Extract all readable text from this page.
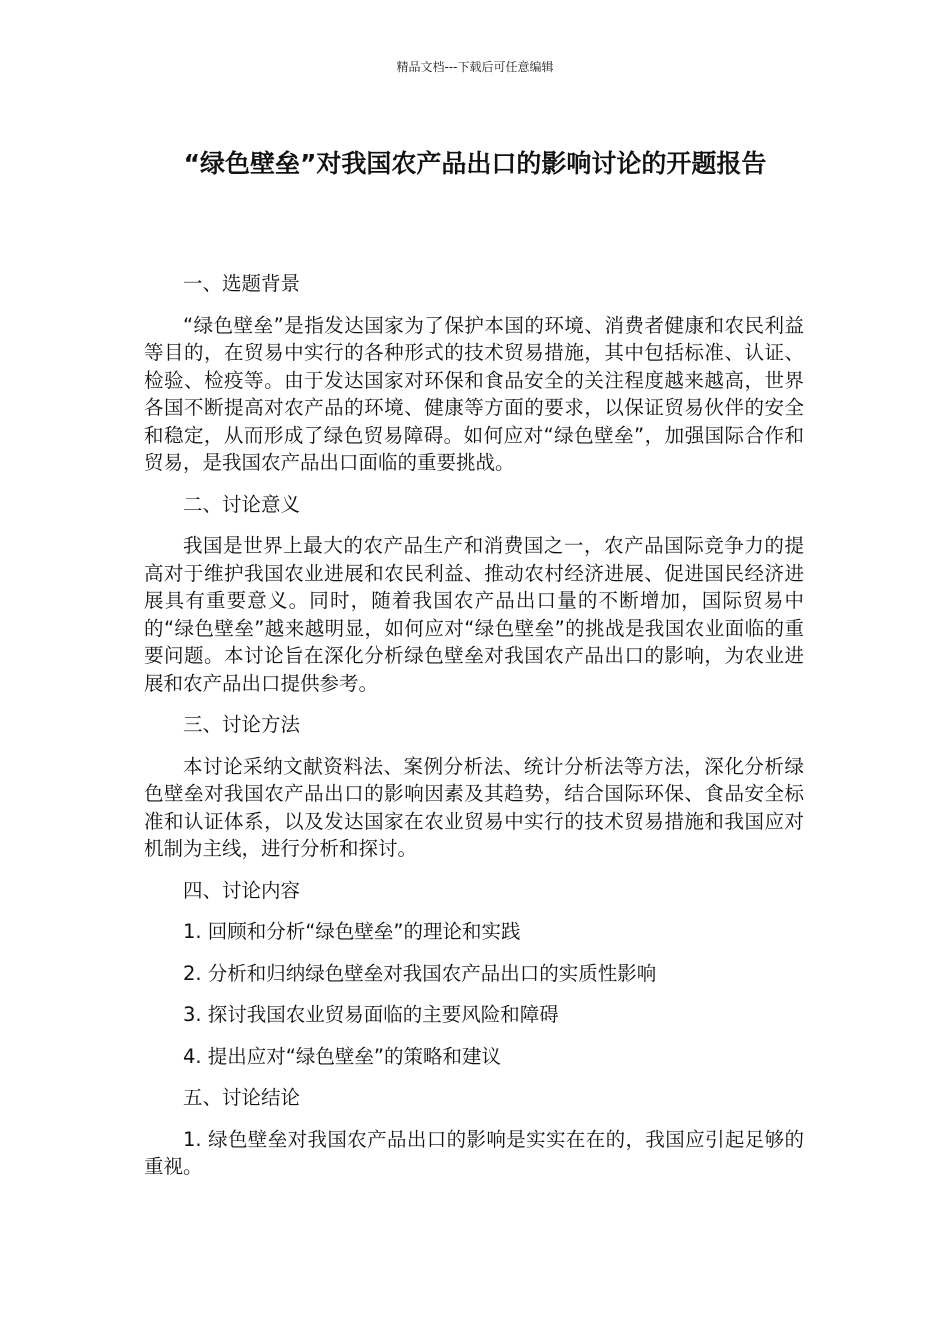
精品文档---下载后可任意编辑
“绿色壁垒”对我国农产品出口的影响讨论的开题报告

一、选题背景

“绿色壁垒”是指发达国家为了保护本国的环境、消费者健康和农民利益等目的，在贸易中实行的各种形式的技术贸易措施，其中包括标准、认证、检验、检疫等。由于发达国家对环保和食品安全的关注程度越来越高，世界各国不断提高对农产品的环境、健康等方面的要求，以保证贸易伙伴的安全和稳定，从而形成了绿色贸易障碍。如何应对“绿色壁垒”，加强国际合作和贸易，是我国农产品出口面临的重要挑战。

二、讨论意义

我国是世界上最大的农产品生产和消费国之一，农产品国际竞争力的提高对于维护我国农业进展和农民利益、推动农村经济进展、促进国民经济进展具有重要意义。同时，随着我国农产品出口量的不断增加，国际贸易中的“绿色壁垒”越来越明显，如何应对“绿色壁垒”的挑战是我国农业面临的重要问题。本讨论旨在深化分析绿色壁垒对我国农产品出口的影响，为农业进展和农产品出口提供参考。

三、讨论方法

本讨论采纳文献资料法、案例分析法、统计分析法等方法，深化分析绿色壁垒对我国农产品出口的影响因素及其趋势，结合国际环保、食品安全标准和认证体系，以及发达国家在农业贸易中实行的技术贸易措施和我国应对机制为主线，进行分析和探讨。

四、讨论内容

1. 回顾和分析“绿色壁垒”的理论和实践

2. 分析和归纳绿色壁垒对我国农产品出口的实质性影响

3. 探讨我国农业贸易面临的主要风险和障碍

4. 提出应对“绿色壁垒”的策略和建议

五、讨论结论

1. 绿色壁垒对我国农产品出口的影响是实实在在的，我国应引起足够的重视。
